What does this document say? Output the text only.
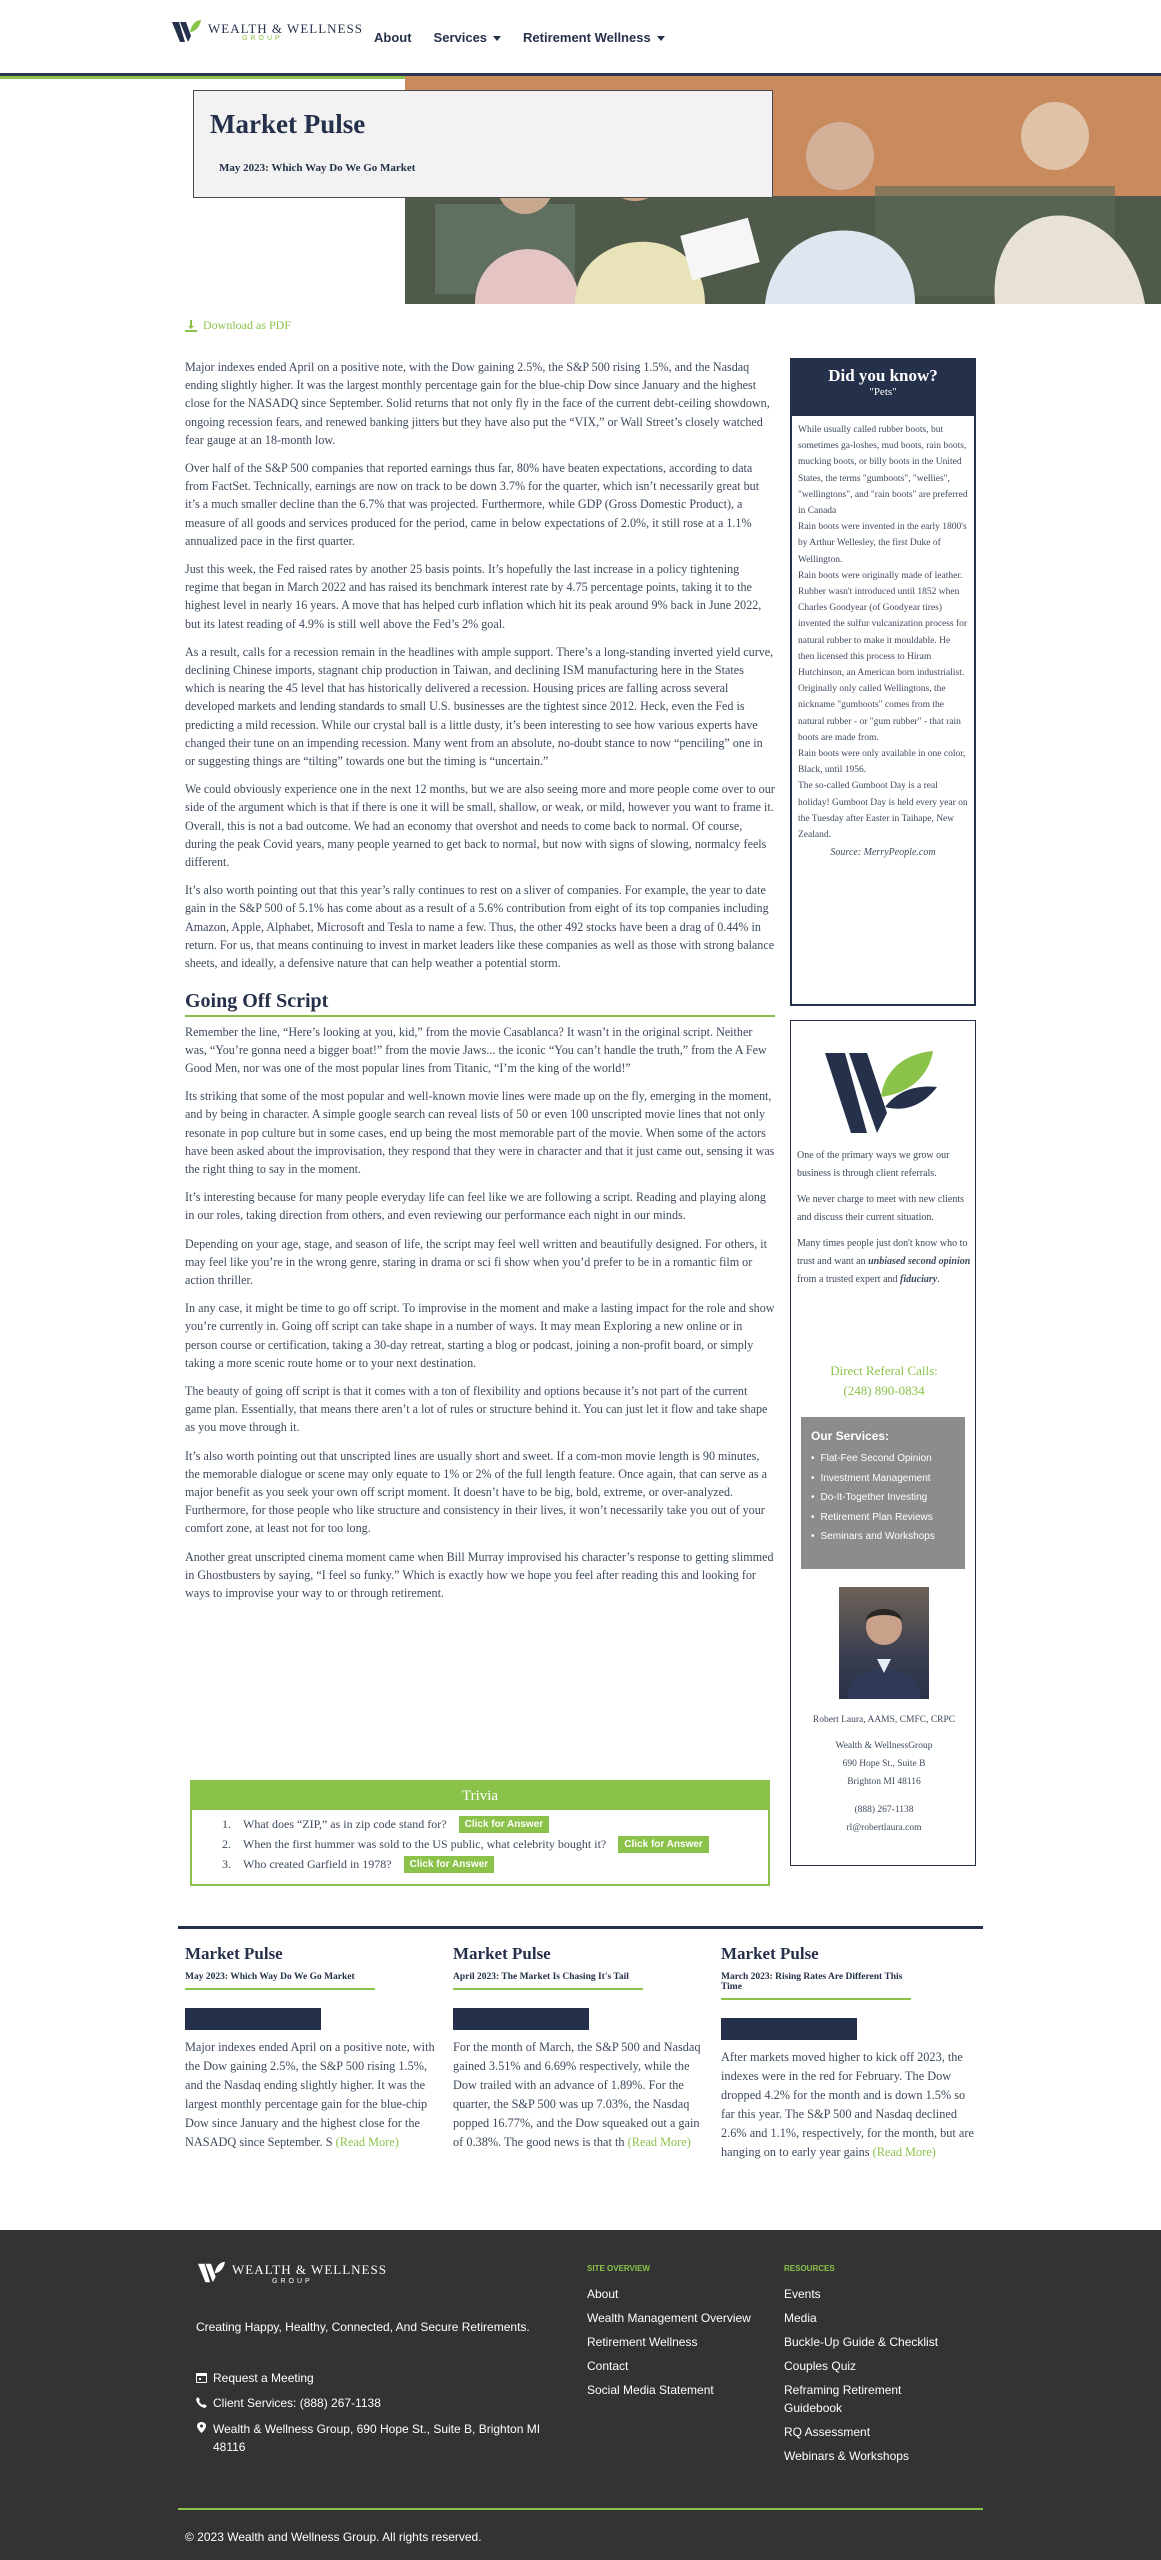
WEALTH & WELLNESS
GROUP	About Services	Retirement Wellness
Market Pulse
May 2023: Which Way Do We Go Market
Download as PDF

Major indexes ended April on a positive note, with the Dow gaining 2.5%, the S&P 500 rising 1.5%, and the Nasdaq ending slightly higher. It was the largest monthly percentage gain for the blue-chip Dow since January and the highest close for the NASADQ since September. Solid returns that not only fly in the face of the current debt-ceiling showdown, ongoing recession fears, and renewed banking jitters but they have also put the “VIX,” or Wall Street’s closely watched fear gauge at an 18-month low.

Over half of the S&P 500 companies that reported earnings thus far, 80% have beaten expectations, according to data from FactSet. Technically, earnings are now on track to be down 3.7% for the quarter, which isn’t necessarily great but it’s a much smaller decline than the 6.7% that was projected. Furthermore, while GDP (Gross Domestic Product), a measure of all goods and services produced for the period, came in below expectations of 2.0%, it still rose at a 1.1% annualized pace in the first quarter.

Just this week, the Fed raised rates by another 25 basis points. It’s hopefully the last increase in a policy tightening regime that began in March 2022 and has raised its benchmark interest rate by 4.75 percentage points, taking it to the highest level in nearly 16 years. A move that has helped curb inflation which hit its peak around 9% back in June 2022, but its latest reading of 4.9% is still well above the Fed’s 2% goal.

As a result, calls for a recession remain in the headlines with ample support. There’s a long-standing inverted yield curve, declining Chinese imports, stagnant chip production in Taiwan, and declining ISM manufacturing here in the States which is nearing the 45 level that has historically delivered a recession. Housing prices are falling across several developed markets and lending standards to small U.S. businesses are the tightest since 2012. Heck, even the Fed is predicting a mild recession. While our crystal ball is a little dusty, it’s been interesting to see how various experts have changed their tune on an impending recession. Many went from an absolute, no-doubt stance to now “penciling” one in or suggesting things are “tilting” towards one but the timing is “uncertain.”

We could obviously experience one in the next 12 months, but we are also seeing more and more people come over to our side of the argument which is that if there is one it will be small, shallow, or weak, or mild, however you want to frame it. Overall, this is not a bad outcome. We had an economy that overshot and needs to come back to normal. Of course, during the peak Covid years, many people yearned to get back to normal, but now with signs of slowing, normalcy feels different.

It’s also worth pointing out that this year’s rally continues to rest on a sliver of companies. For example, the year to date gain in the S&P 500 of 5.1% has come about as a result of a 5.6% contribution from eight of its top companies including Amazon, Apple, Alphabet, Microsoft and Tesla to name a few. Thus, the other 492 stocks have been a drag of 0.44% in return. For us, that means continuing to invest in market leaders like these companies as well as those with strong balance sheets, and ideally, a defensive nature that can help weather a potential storm.

Going Off Script

Remember the line, “Here’s looking at you, kid,” from the movie Casablanca? It wasn’t in the original script. Neither was, “You’re gonna need a bigger boat!” from the movie Jaws... the iconic “You can’t handle the truth,” from the A Few Good Men, nor was one of the most popular lines from Titanic, “I’m the king of the world!”

Its striking that some of the most popular and well-known movie lines were made up on the fly, emerging in the moment, and by being in character. A simple google search can reveal lists of 50 or even 100 unscripted movie lines that not only resonate in pop culture but in some cases, end up being the most memorable part of the movie. When some of the actors have been asked about the improvisation, they respond that they were in character and that it just came out, sensing it was the right thing to say in the moment.

It’s interesting because for many people everyday life can feel like we are following a script. Reading and playing along in our roles, taking direction from others, and even reviewing our performance each night in our minds.

Depending on your age, stage, and season of life, the script may feel well written and beautifully designed. For others, it may feel like you’re in the wrong genre, staring in drama or sci fi show when you’d prefer to be in a romantic film or action thriller.

In any case, it might be time to go off script. To improvise in the moment and make a lasting impact for the role and show you’re currently in. Going off script can take shape in a number of ways. It may mean Exploring a new online or in person course or certification, taking a 30-day retreat, starting a blog or podcast, joining a non-profit board, or simply taking a more scenic route home or to your next destination.

The beauty of going off script is that it comes with a ton of flexibility and options because it’s not part of the current game plan. Essentially, that means there aren’t a lot of rules or structure behind it. You can just let it flow and take shape as you move through it.

It’s also worth pointing out that unscripted lines are usually short and sweet. If a com-mon movie length is 90 minutes, the memorable dialogue or scene may only equate to 1% or 2% of the full length feature. Once again, that can serve as a major benefit as you seek your own off script moment. It doesn’t have to be big, bold, extreme, or over-analyzed. Furthermore, for those people who like structure and consistency in their lives, it won’t necessarily take you out of your comfort zone, at least not for too long.

Another great unscripted cinema moment came when Bill Murray improvised his character’s response to getting slimmed in Ghostbusters by saying, “I feel so funky.” Which is exactly how we hope you feel after reading this and looking for ways to improvise your way to or through retirement.

Trivia
1. What does “ZIP,” as in zip code stand for?	Click for Answer
2. When the first hummer was sold to the US public, what celebrity bought it?	Click for Answer
3. Who created Garfield in 1978?	Click for Answer
Did you know?
"Pets"
While usually called rubber boots, but sometimes ga-loshes, mud boots, rain boots, mucking boots, or billy boots in the United States, the terms "gumboots", "wellies", "wellingtons", and "rain boots" are preferred in Canada
Rain boots were invented in the early 1800's by Arthur Wellesley, the first Duke of Wellington.
Rain boots were originally made of leather. Rubber wasn't introduced until 1852 when Charles Goodyear (of Goodyear tires) invented the sulfur vulcanization process for natural rubber to make it mouldable. He then licensed this process to Hiram Hutchinson, an American born industrialist. Originally only called Wellingtons, the nickname "gumboots" comes from the natural rubber - or "gum rubber" - that rain boots are made from.
Rain boots were only available in one color, Black, until 1956.
The so-called Gumboot Day is a real holiday! Gumboot Day is held every year on the Tuesday after Easter in Taihape, New Zealand.
Source: MerryPeople.com

One of the primary ways we grow our business is through client referrals.

We never charge to meet with new clients and discuss their current situation.

Many times people just don't know who to trust and want an unbiased second opinion from a trusted expert and fiduciary.

Direct Referal Calls:
(248) 890-0834
Our Services:
• Flat-Fee Second Opinion
• Investment Management
• Do-It-Together Investing
• Retirement Plan Reviews
• Seminars and Workshops
Robert Laura, AAMS, CMFC, CRPC
Wealth & WellnessGroup
690 Hope St., Suite B
Brighton MI 48116
(888) 267-1138
rl@robertlaura.com
Market Pulse
May 2023: Which Way Do We Go Market
Major indexes ended April on a positive note, with the Dow gaining 2.5%, the S&P 500 rising 1.5%, and the Nasdaq ending slightly higher. It was the largest monthly percentage gain for the blue-chip Dow since January and the highest close for the NASADQ since September. S (Read More)
Market Pulse
April 2023: The Market Is Chasing It's Tail
For the month of March, the S&P 500 and Nasdaq gained 3.51% and 6.69% respectively, while the Dow trailed with an advance of 1.89%. For the quarter, the S&P 500 was up 7.03%, the Nasdaq popped 16.77%, and the Dow squeaked out a gain of 0.38%. The good news is that th (Read More)
Market Pulse
March 2023: Rising Rates Are Different This Time
After markets moved higher to kick off 2023, the indexes were in the red for February. The Dow dropped 4.2% for the month and is down 1.5% so far this year. The S&P 500 and Nasdaq declined 2.6% and 1.1%, respectively, for the month, but are hanging on to early year gains (Read More)
WEALTH & WELLNESS
GROUP
Creating Happy, Healthy, Connected, And Secure Retirements.
Request a Meeting
Client Services: (888) 267-1138
Wealth & Wellness Group, 690 Hope St., Suite B, Brighton MI 48116
SITE OVERVIEW
About
Wealth Management Overview
Retirement Wellness
Contact
Social Media Statement
RESOURCES
Events
Media
Buckle-Up Guide & Checklist
Couples Quiz
Reframing Retirement Guidebook
RQ Assessment
Webinars & Workshops
© 2023 Wealth and Wellness Group. All rights reserved.
